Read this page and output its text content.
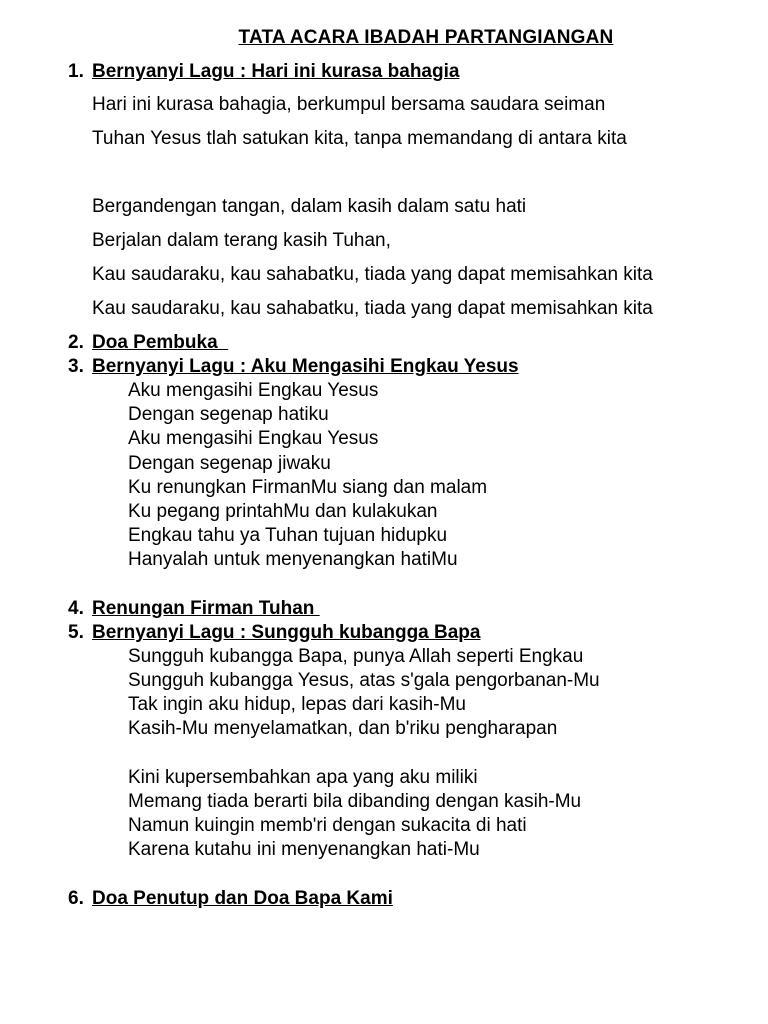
TATA ACARA IBADAH PARTANGIANGAN
1. Bernyanyi Lagu : Hari ini kurasa bahagia
Hari ini kurasa bahagia, berkumpul bersama saudara seiman
Tuhan Yesus tlah satukan kita, tanpa memandang di antara kita
Bergandengan tangan, dalam kasih dalam satu hati
Berjalan dalam terang kasih Tuhan,
Kau saudaraku, kau sahabatku, tiada yang dapat memisahkan kita
Kau saudaraku, kau sahabatku, tiada yang dapat memisahkan kita
2. Doa Pembuka
3. Bernyanyi Lagu : Aku Mengasihi Engkau Yesus
Aku mengasihi Engkau Yesus
Dengan segenap hatiku
Aku mengasihi Engkau Yesus
Dengan segenap jiwaku
Ku renungkan FirmanMu siang dan malam
Ku pegang printahMu dan kulakukan
Engkau tahu ya Tuhan tujuan hidupku
Hanyalah untuk menyenangkan hatiMu
4. Renungan Firman Tuhan
5. Bernyanyi Lagu : Sungguh kubangga Bapa
Sungguh kubangga Bapa, punya Allah seperti Engkau
Sungguh kubangga Yesus, atas s'gala pengorbanan-Mu
Tak ingin aku hidup, lepas dari kasih-Mu
Kasih-Mu menyelamatkan, dan b'riku pengharapan
Kini kupersembahkan apa yang aku miliki
Memang tiada berarti bila dibanding dengan kasih-Mu
Namun kuingin memb'ri dengan sukacita di hati
Karena kutahu ini menyenangkan hati-Mu
6. Doa Penutup dan Doa Bapa Kami
